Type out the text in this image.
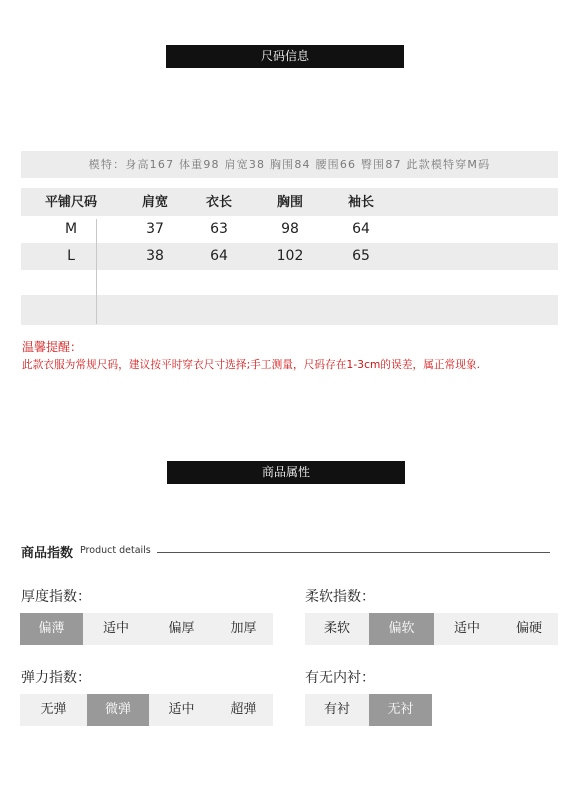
尺码信息
模特：身高167 体重98 肩宽38 胸围84 腰围66 臀围87 此款模特穿M码
平铺尺码	肩宽	衣长	胸围	袖长
M	37	63	98	64
L	38	64	102	65
温馨提醒：
此款衣服为常规尺码，建议按平时穿衣尺寸选择;手工测量，尺码存在1-3cm的误差，属正常现象.
商品属性
商品指数 Product details
厚度指数：
偏薄	适中	偏厚	加厚
柔软指数：
柔软	偏软	适中	偏硬
弹力指数：
无弹	微弹	适中	超弹
有无内衬：
有衬	无衬
